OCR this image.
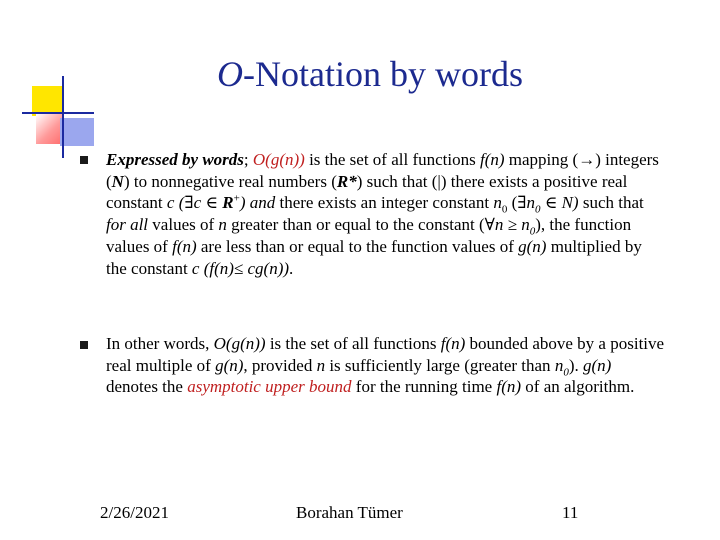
O-Notation by words

Expressed by words; O(g(n)) is the set of all functions f(n) mapping (→) integers (N) to nonnegative real numbers (R*) such that (|) there exists a positive real constant c (∃c ∈ R+) and there exists an integer constant $n_0$ ($\exists n_0$ ∈ N) such that for all values of n greater than or equal to the constant (∀n ≥ $n_0$), the function values of f(n) are less than or equal to the function values of g(n) multiplied by the constant c (f(n)≤ cg(n)).

In other words, O(g(n)) is the set of all functions f(n) bounded above by a positive real multiple of g(n), provided n is sufficiently large (greater than $n_0$). g(n) denotes the asymptotic upper bound for the running time f(n) of an algorithm.

2/26/2021	Borahan Tümer	11
